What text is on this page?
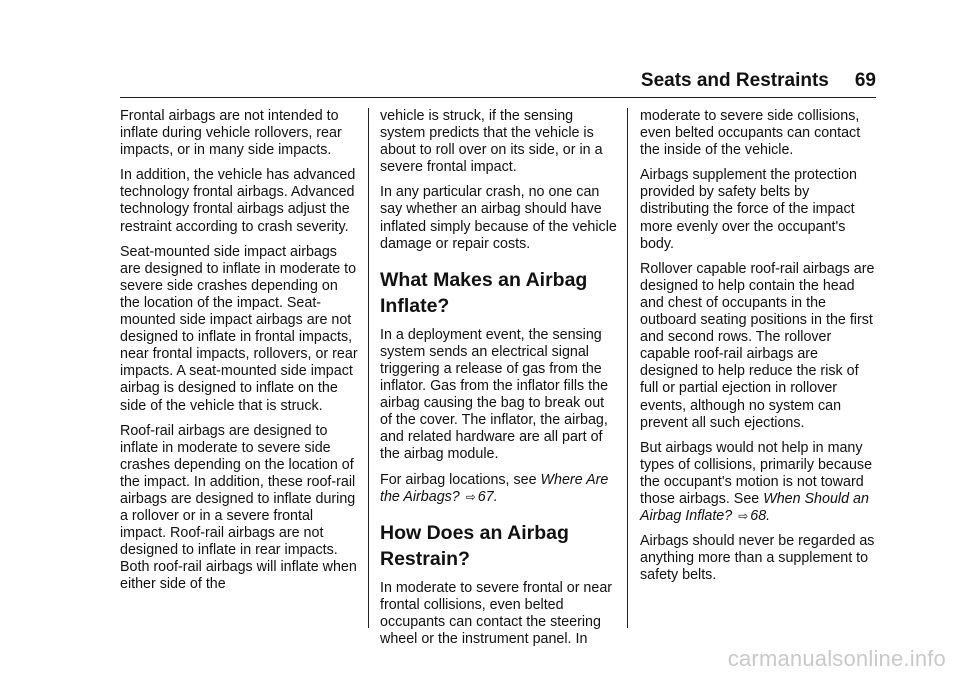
Seats and Restraints 69

Frontal airbags are not intended to inflate during vehicle rollovers, rear impacts, or in many side impacts.

In addition, the vehicle has advanced technology frontal airbags. Advanced technology frontal airbags adjust the restraint according to crash severity.

Seat-mounted side impact airbags are designed to inflate in moderate to severe side crashes depending on the location of the impact. Seat-mounted side impact airbags are not designed to inflate in frontal impacts, near frontal impacts, rollovers, or rear impacts. A seat-mounted side impact airbag is designed to inflate on the side of the vehicle that is struck.

Roof-rail airbags are designed to inflate in moderate to severe side crashes depending on the location of the impact. In addition, these roof-rail airbags are designed to inflate during a rollover or in a severe frontal impact. Roof-rail airbags are not designed to inflate in rear impacts. Both roof-rail airbags will inflate when either side of the

vehicle is struck, if the sensing system predicts that the vehicle is about to roll over on its side, or in a severe frontal impact.

In any particular crash, no one can say whether an airbag should have inflated simply because of the vehicle damage or repair costs.

What Makes an Airbag Inflate?

In a deployment event, the sensing system sends an electrical signal triggering a release of gas from the inflator. Gas from the inflator fills the airbag causing the bag to break out of the cover. The inflator, the airbag, and related hardware are all part of the airbag module.

For airbag locations, see Where Are the Airbags? ⇨ 67.

How Does an Airbag Restrain?

In moderate to severe frontal or near frontal collisions, even belted occupants can contact the steering wheel or the instrument panel. In

moderate to severe side collisions, even belted occupants can contact the inside of the vehicle.

Airbags supplement the protection provided by safety belts by distributing the force of the impact more evenly over the occupant's body.

Rollover capable roof-rail airbags are designed to help contain the head and chest of occupants in the outboard seating positions in the first and second rows. The rollover capable roof-rail airbags are designed to help reduce the risk of full or partial ejection in rollover events, although no system can prevent all such ejections.

But airbags would not help in many types of collisions, primarily because the occupant's motion is not toward those airbags. See When Should an Airbag Inflate? ⇨ 68.

Airbags should never be regarded as anything more than a supplement to safety belts.

carmanualsonline.info
